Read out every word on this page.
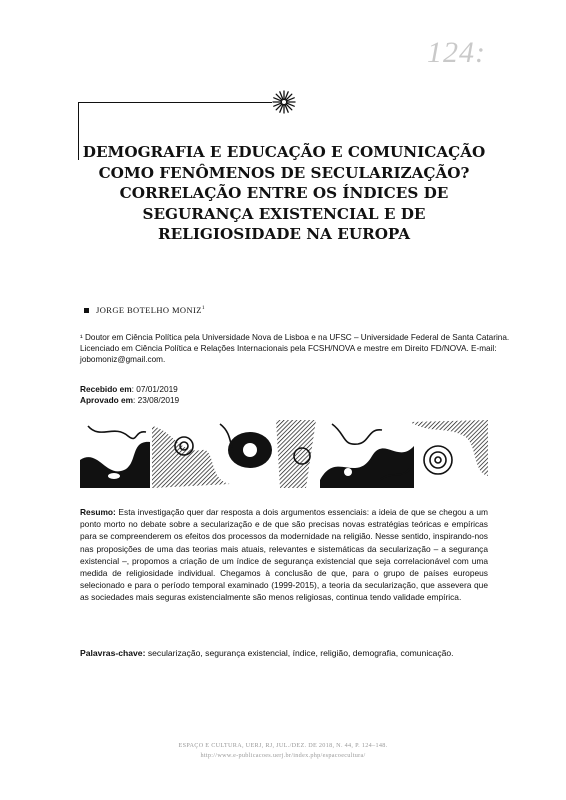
124:
DEMOGRAFIA E EDUCAÇÃO E COMUNICAÇÃO
COMO FENÔMENOS DE SECULARIZAÇÃO?
CORRELAÇÃO ENTRE OS ÍNDICES DE
SEGURANÇA EXISTENCIAL E DE
RELIGIOSIDADE NA EUROPA
JORGE BOTELHO MONIZ$^1$
¹ Doutor em Ciência Política pela Universidade Nova de Lisboa e na UFSC – Universidade Federal de Santa Catarina.
Licenciado em Ciência Política e Relações Internacionais pela FCSH/NOVA e mestre em Direito FD/NOVA. E-mail:
jobomoniz@gmail.com.
Recebido em: 07/01/2019
Aprovado em: 23/08/2019

Resumo: Esta investigação quer dar resposta a dois argumentos essenciais: a ideia de que se chegou a um ponto morto no debate sobre a secularização e de que são precisas novas estratégias teóricas e empíricas para se compreenderem os efeitos dos processos da modernidade na religião. Nesse sentido, inspirando-nos nas proposições de uma das teorias mais atuais, relevantes e sistemáticas da secularização – a segurança existencial –, propomos a criação de um índice de segurança existencial que seja correlacionável com uma medida de religiosidade individual. Chegamos à conclusão de que, para o grupo de países europeus selecionado e para o período temporal examinado (1999-2015), a teoria da secularização, que assevera que as sociedades mais seguras existencialmente são menos religiosas, continua tendo validade empírica.

Palavras-chave: secularização, segurança existencial, índice, religião, demografia, comunicação.
ESPAÇO E CULTURA, UERJ, RJ, JUL./DEZ. DE 2018, N. 44, P. 124–148.
http://www.e-publicacoes.uerj.br/index.php/espacoecultura/
